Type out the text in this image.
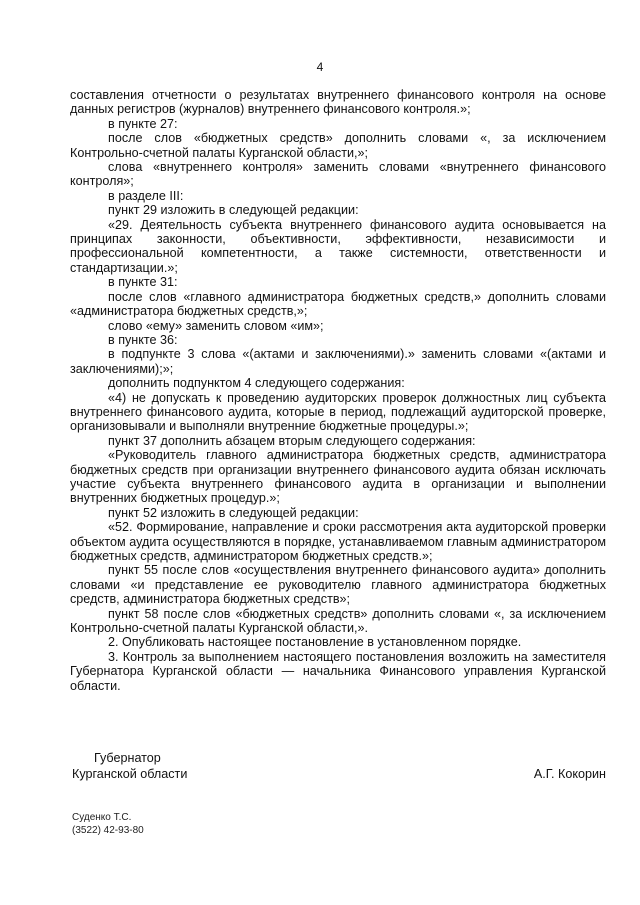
4

составления отчетности о результатах внутреннего финансового контроля на основе данных регистров (журналов) внутреннего финансового контроля.»;

в пункте 27:

после слов «бюджетных средств» дополнить словами «, за исключением Контрольно-счетной палаты Курганской области,»;

слова «внутреннего контроля» заменить словами «внутреннего финансового контроля»;

в разделе III:

пункт 29 изложить в следующей редакции:

«29. Деятельность субъекта внутреннего финансового аудита основывается на принципах законности, объективности, эффективности, независимости и профессиональной компетентности, а также системности, ответственности и стандартизации.»;

в пункте 31:

после слов «главного администратора бюджетных средств,» дополнить словами «администратора бюджетных средств,»;

слово «ему» заменить словом «им»;

в пункте 36:

в подпункте 3 слова «(актами и заключениями).» заменить словами «(актами и заключениями);»;

дополнить подпунктом 4 следующего содержания:

«4) не допускать к проведению аудиторских проверок должностных лиц субъекта внутреннего финансового аудита, которые в период, подлежащий аудиторской проверке, организовывали и выполняли внутренние бюджетные процедуры.»;

пункт 37 дополнить абзацем вторым следующего содержания:

«Руководитель главного администратора бюджетных средств, администратора бюджетных средств при организации внутреннего финансового аудита обязан исключать участие субъекта внутреннего финансового аудита в организации и выполнении внутренних бюджетных процедур.»;

пункт 52 изложить в следующей редакции:

«52. Формирование, направление и сроки рассмотрения акта аудиторской проверки объектом аудита осуществляются в порядке, устанавливаемом главным администратором бюджетных средств, администратором бюджетных средств.»;

пункт 55 после слов «осуществления внутреннего финансового аудита» дополнить словами «и представление ее руководителю главного администратора бюджетных средств, администратора бюджетных средств»;

пункт 58 после слов «бюджетных средств» дополнить словами «, за исключением Контрольно-счетной палаты Курганской области,».

2. Опубликовать настоящее постановление в установленном порядке.

3. Контроль за выполнением настоящего постановления возложить на заместителя Губернатора Курганской области — начальника Финансового управления Курганской области.

Губернатор
Курганской области	А.Г. Кокорин
Суденко Т.С.
(3522) 42-93-80
